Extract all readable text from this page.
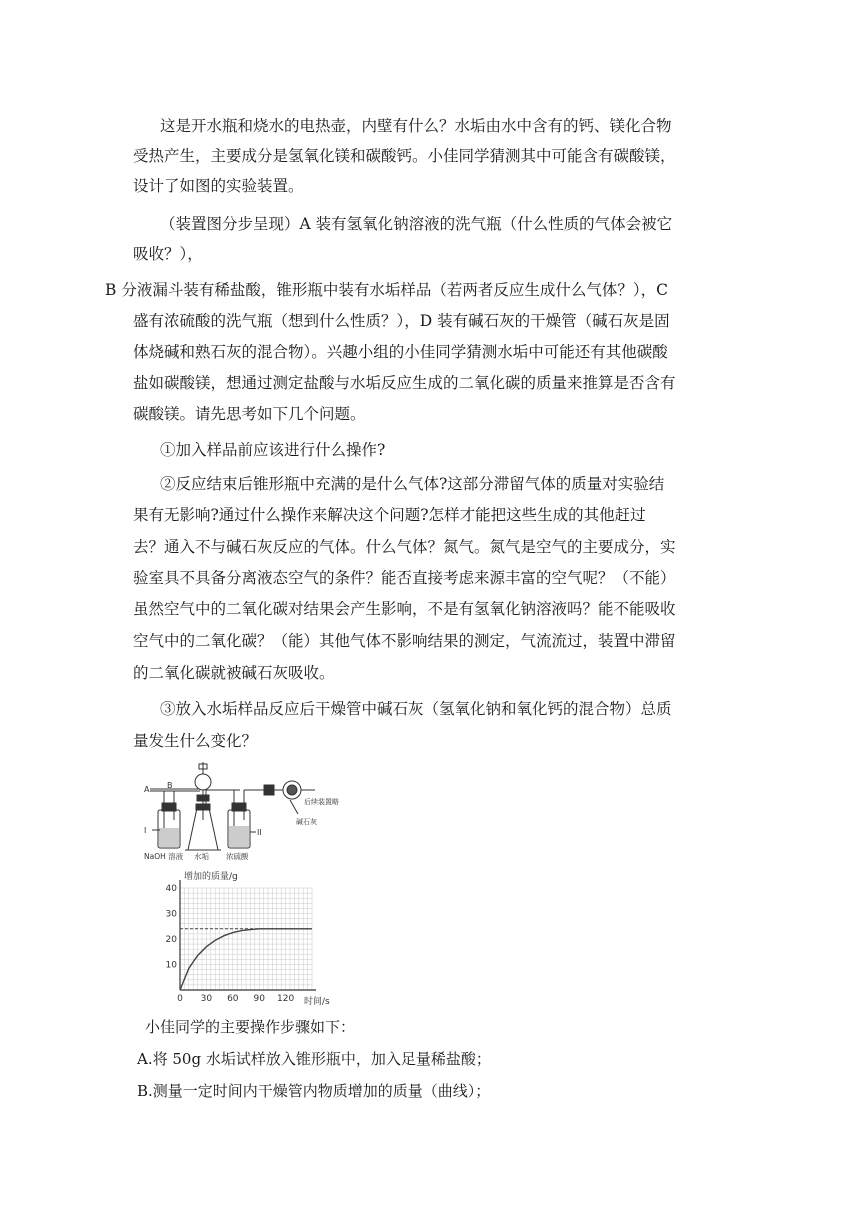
这是开水瓶和烧水的电热壶，内壁有什么？水垢由水中含有的钙、镁化合物
受热产生，主要成分是氢氧化镁和碳酸钙。小佳同学猜测其中可能含有碳酸镁，
设计了如图的实验装置。
（装置图分步呈现）A 装有氢氧化钠溶液的洗气瓶（什么性质的气体会被它
吸收？），
B 分液漏斗装有稀盐酸，锥形瓶中装有水垢样品（若两者反应生成什么气体？），C
盛有浓硫酸的洗气瓶（想到什么性质？），D 装有碱石灰的干燥管（碱石灰是固
体烧碱和熟石灰的混合物）。兴趣小组的小佳同学猜测水垢中可能还有其他碳酸
盐如碳酸镁，想通过测定盐酸与水垢反应生成的二氧化碳的质量来推算是否含有
碳酸镁。请先思考如下几个问题。
①加入样品前应该进行什么操作?
②反应结束后锥形瓶中充满的是什么气体?这部分滞留气体的质量对实验结
果有无影响?通过什么操作来解决这个问题?怎样才能把这些生成的其他赶过
去？通入不与碱石灰反应的气体。什么气体？氮气。氮气是空气的主要成分，实
验室具不具备分离液态空气的条件？能否直接考虑来源丰富的空气呢？（不能）
虽然空气中的二氧化碳对结果会产生影响，不是有氢氧化钠溶液吗？能不能吸收
空气中的二氧化碳？（能）其他气体不影响结果的测定，气流流过，装置中滞留
的二氧化碳就被碱石灰吸收。
③放入水垢样品反应后干燥管中碱石灰（氢氧化钠和氧化钙的混合物）总质
量发生什么变化？
A B
I	II
NaOH 溶液 水垢 浓硫酸
碱石灰
后续装置略
0 30 60 90 120
10
20
30
40
增加的质量/g
时间/s
小佳同学的主要操作步骤如下：
A.将 50g 水垢试样放入锥形瓶中，加入足量稀盐酸；
B.测量一定时间内干燥管内物质增加的质量（曲线）；
